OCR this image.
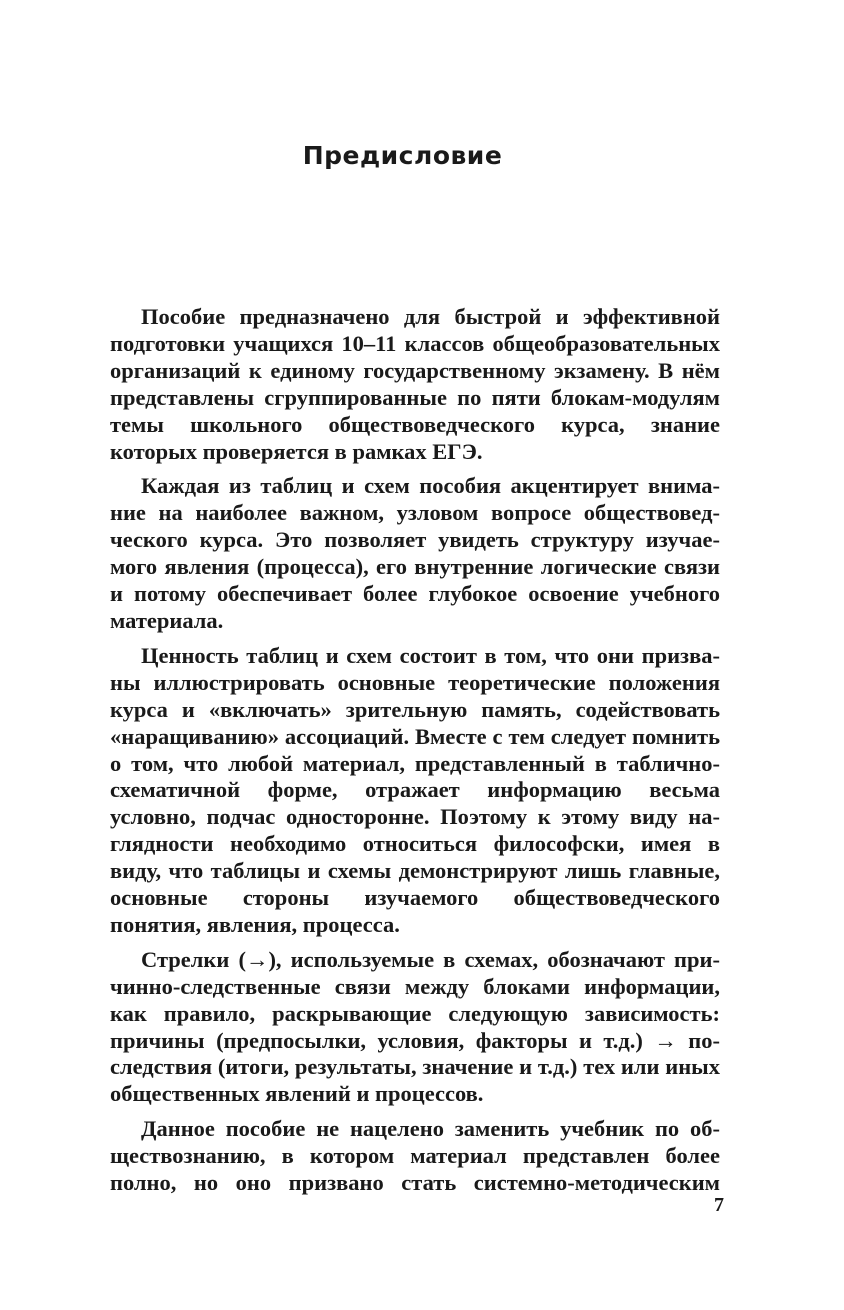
Предисловие

Пособие предназначено для быстрой и эффективной подготовки учащихся 10–11 классов общеобразовательных организаций к единому государственному экзамену. В нём представлены сгруппированные по пяти блокам-модулям темы школьного обществоведческого курса, знание которых проверяется в рамках ЕГЭ.

Каждая из таблиц и схем пособия акцентирует внимание на наиболее важном, узловом вопросе обществоведческого курса. Это позволяет увидеть структуру изучаемого явления (процесса), его внутренние логические связи и потому обеспечивает более глубокое освоение учебного материала.

Ценность таблиц и схем состоит в том, что они призваны иллюстрировать основные теоретические положения курса и «включать» зрительную память, содействовать «наращиванию» ассоциаций. Вместе с тем следует помнить о том, что любой материал, представленный в таблично-схематичной форме, отражает информацию весьма условно, подчас односторонне. Поэтому к этому виду наглядности необходимо относиться философски, имея в виду, что таблицы и схемы демонстрируют лишь главные, основные стороны изучаемого обществоведческого понятия, явления, процесса.

Стрелки (→), используемые в схемах, обозначают причинно-следственные связи между блоками информации, как правило, раскрывающие следующую зависимость: причины (предпосылки, условия, факторы и т.д.) → последствия (итоги, результаты, значение и т.д.) тех или иных общественных явлений и процессов.

Данное пособие не нацелено заменить учебник по обществознанию, в котором материал представлен более полно, но оно призвано стать системно-методическим

7
